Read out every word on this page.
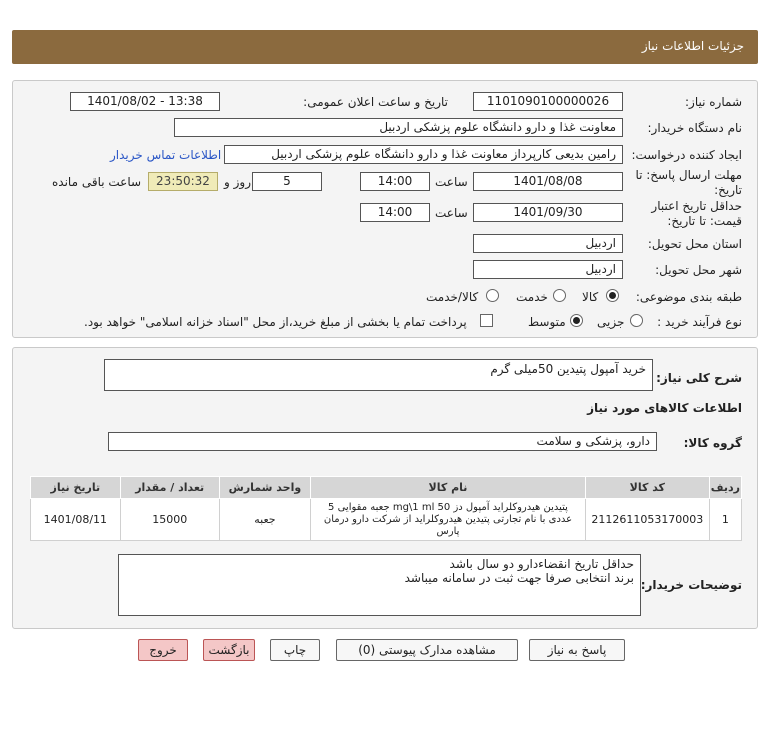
جزئیات اطلاعات نیاز
شماره نیاز:
1101090100000026
تاریخ و ساعت اعلان عمومی:
1401/08/02 - 13:38
نام دستگاه خریدار:
معاونت غذا و دارو دانشگاه علوم پزشکی اردبیل
ایجاد کننده درخواست:
رامین بدیعی کارپرداز معاونت غذا و دارو دانشگاه علوم پزشکی اردبیل
اطلاعات تماس خریدار
مهلت ارسال پاسخ: تا
تاریخ:
1401/08/08
ساعت
14:00
5
روز و
23:50:32
ساعت باقی مانده
حداقل تاریخ اعتبار
قیمت: تا تاریخ:
1401/09/30
ساعت
14:00
استان محل تحویل:
اردبیل
شهر محل تحویل:
اردبیل
طبقه بندی موضوعی:
کالا
خدمت
کالا/خدمت
نوع فرآیند خرید :
جزیی
متوسط
پرداخت تمام یا بخشی از مبلغ خرید،از محل "اسناد خزانه اسلامی" خواهد بود.
شرح کلی نیاز:
خرید آمپول پتیدین 50میلی گرم
اطلاعات کالاهای مورد نیاز
گروه کالا:
دارو، پزشکی و سلامت
تاریخ نیاز	تعداد / مقدار	واحد شمارش	نام کالا	کد کالا	ردیف
1401/08/11	15000	جعبه	پتیدین هیدروکلراید آمپول دز 50 mg\1 ml جعبه مقوایی 5 عددی با نام تجارتی پتیدین هیدروکلراید از شرکت دارو درمان پارس	2112611053170003	1
توضیحات خریدار:
حداقل تاریخ انقضاءدارو دو سال باشد
برند انتخابی صرفا جهت ثبت در سامانه میباشد
پاسخ به نیاز
مشاهده مدارک پیوستی (0)
چاپ
بازگشت
خروج
